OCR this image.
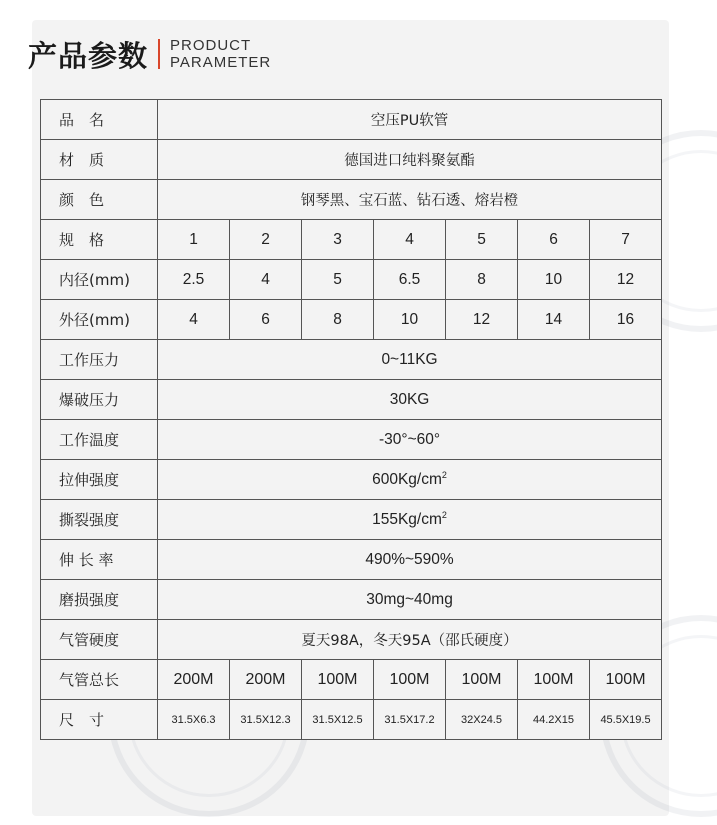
产品参数 PRODUCT
PARAMETER
品　名	空压PU软管						
材　质	德国进口纯料聚氨酯						
颜　色	钢琴黑、宝石蓝、钻石透、熔岩橙						
规　格	1	2	3	4	5	6	7
内径(mm)	2.5	4	5	6.5	8	10	12
外径(mm)	4	6	8	10	12	14	16
工作压力	0~11KG						
爆破压力	30KG						
工作温度	-30°~60°						
拉伸强度	$600Kg/cm^2$
撕裂强度	$155Kg/cm^2$
伸 长 率	490%~590%						
磨损强度	30mg~40mg						
气管硬度	夏天98A，冬天95A（邵氏硬度）						
气管总长	200M	200M	100M	100M	100M	100M	100M
尺　寸	31.5X6.3	31.5X12.3	31.5X12.5	31.5X17.2	32X24.5	44.2X15	45.5X19.5
